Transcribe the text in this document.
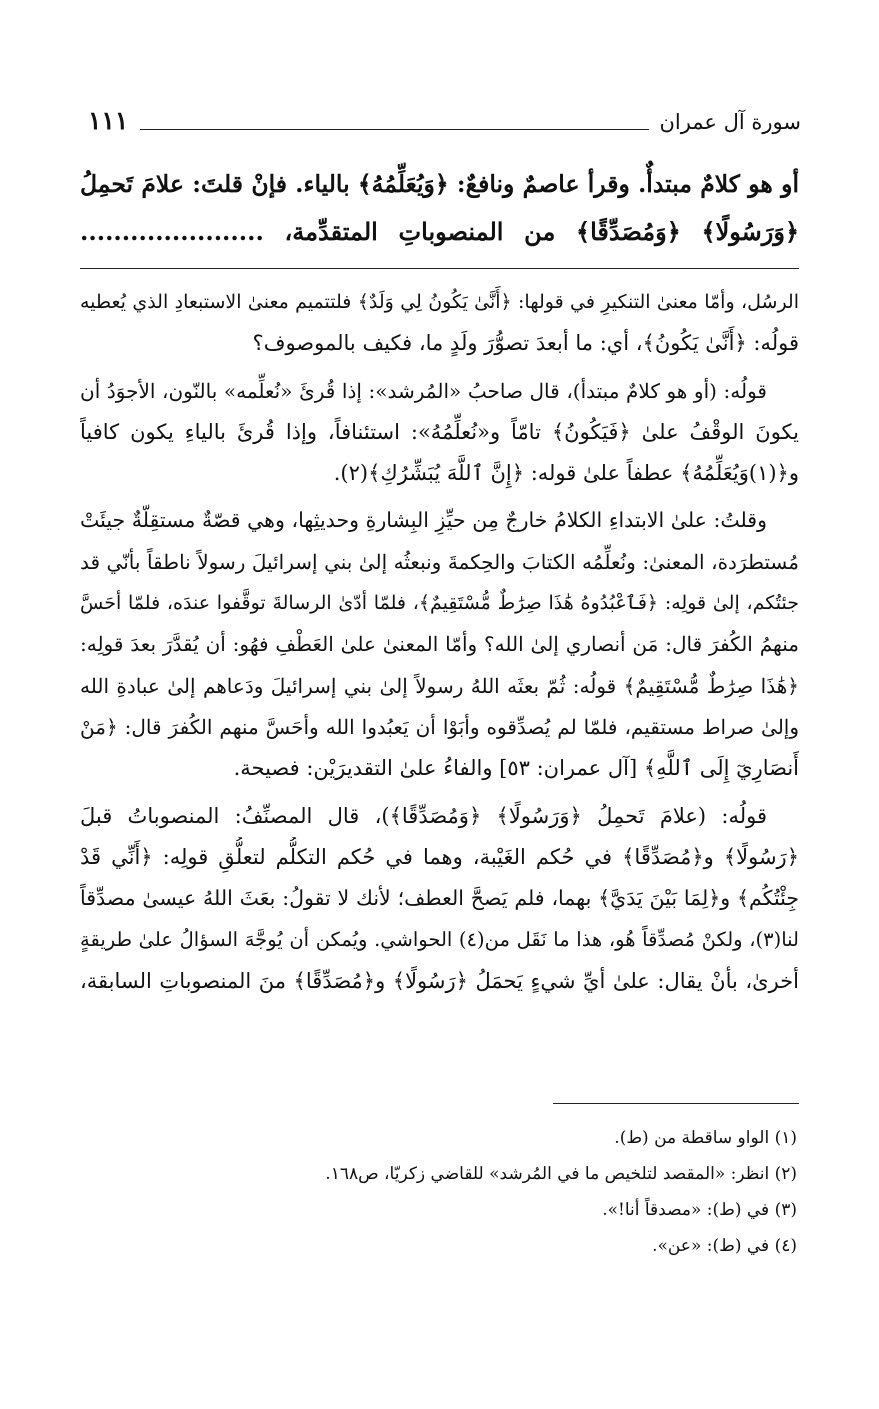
سورة آل عمران
١١١
أو هو كلامٌ مبتدأٌ. وقرأ عاصمٌ ونافعٌ: ﴿وَيُعَلِّمُهُ﴾ بالياء. فإنْ قلتَ: علامَ تَحمِلُ
﴿وَرَسُولًا﴾ ﴿وَمُصَدِّقًا﴾ من المنصوباتِ المتقدِّمة، ......................
الرسُل، وأمّا معنىٰ التنكيرِ في قولها: ﴿أَنَّىٰ يَكُونُ لِي وَلَدٌ﴾ فلتتميم معنىٰ الاستبعادِ الذي يُعطيه
قولُه: ﴿أَنَّىٰ يَكُونُ﴾، أي: ما أبعدَ تصوُّرَ ولَدٍ ما، فكيف بالموصوف؟
قولُه: (أو هو كلامٌ مبتدأ)، قال صاحبُ «المُرشد»: إذا قُرئَ «نُعلِّمه» بالنّون، الأجوَدُ أن
يكونَ الوقْفُ علىٰ ﴿فَيَكُونُ﴾ تامّاً و«نُعلِّمُهُ»: استئنافاً، وإذا قُرئَ بالياءِ يكون كافياً
و﴿(١)وَيُعَلِّمُهُ﴾ عطفاً علىٰ قوله: ﴿إِنَّ ٱللَّهَ يُبَشِّرُكِ﴾(٢).
وقلتُ: علىٰ الابتداءِ الكلامُ خارجٌ مِن حيِّزِ البِشارةِ وحديثِها، وهي قصّةٌ مستقِلّةٌ جيئَتْ
مُستطرَدة، المعنىٰ: ونُعلِّمُه الكتابَ والحِكمةَ ونبعثُه إلىٰ بني إسرائيلَ رسولاً ناطقاً بأنّي قد
جئتُكم، إلىٰ قولِه: ﴿فَٱعْبُدُوهُ هَٰذَا صِرَٰطٌ مُّسْتَقِيمٌ﴾، فلمّا أدّىٰ الرسالةَ توقَّفوا عندَه، فلمّا أحَسَّ
منهمُ الكُفرَ قال: مَن أنصاري إلىٰ الله؟ وأمّا المعنىٰ علىٰ العَطْفِ فهُو: أن يُقدَّرَ بعدَ قولِه:
﴿هَٰذَا صِرَٰطٌ مُّسْتَقِيمٌ﴾ قولُه: ثُمّ بعثَه اللهُ رسولاً إلىٰ بني إسرائيلَ ودَعاهم إلىٰ عبادةِ الله
وإلىٰ صراط مستقيم، فلمّا لم يُصدِّقوه وأبَوْا أن يَعبُدوا الله وأحَسَّ منهم الكُفرَ قال: ﴿مَنْ
أَنصَارِيٓ إِلَى ٱللَّهِ﴾ [آل عمران: ٥٣] والفاءُ علىٰ التقديرَيْن: فصيحة.
قولُه: (علامَ تَحمِلُ ﴿وَرَسُولًا﴾ ﴿وَمُصَدِّقًا﴾)، قال المصنِّفُ: المنصوباتُ قبلَ
﴿رَسُولًا﴾ و﴿مُصَدِّقًا﴾ في حُكم الغَيْبة، وهما في حُكم التكلُّم لتعلُّقِ قولِه: ﴿أَنِّي قَدْ
جِئْتُكُم﴾ و﴿لِمَا بَيْنَ يَدَيَّ﴾ بهما، فلم يَصحَّ العطف؛ لأنك لا تقولُ: بعَثَ اللهُ عيسىٰ مصدِّقاً
لنا(٣)، ولكنْ مُصدِّقاً هُو، هذا ما نَقَل من(٤) الحواشي. ويُمكن أن يُوجَّهَ السؤالُ علىٰ طريقةٍ
أخرىٰ، بأنْ يقال: علىٰ أيِّ شيءٍ يَحمَلُ ﴿رَسُولًا﴾ و﴿مُصَدِّقًا﴾ منَ المنصوباتِ السابقة،
(١) الواو ساقطة من (ط).
(٢) انظر: «المقصد لتلخيص ما في المُرشد» للقاضي زكريّا، ص١٦٨.
(٣) في (ط): «مصدقاً أنا!».
(٤) في (ط): «عن».
